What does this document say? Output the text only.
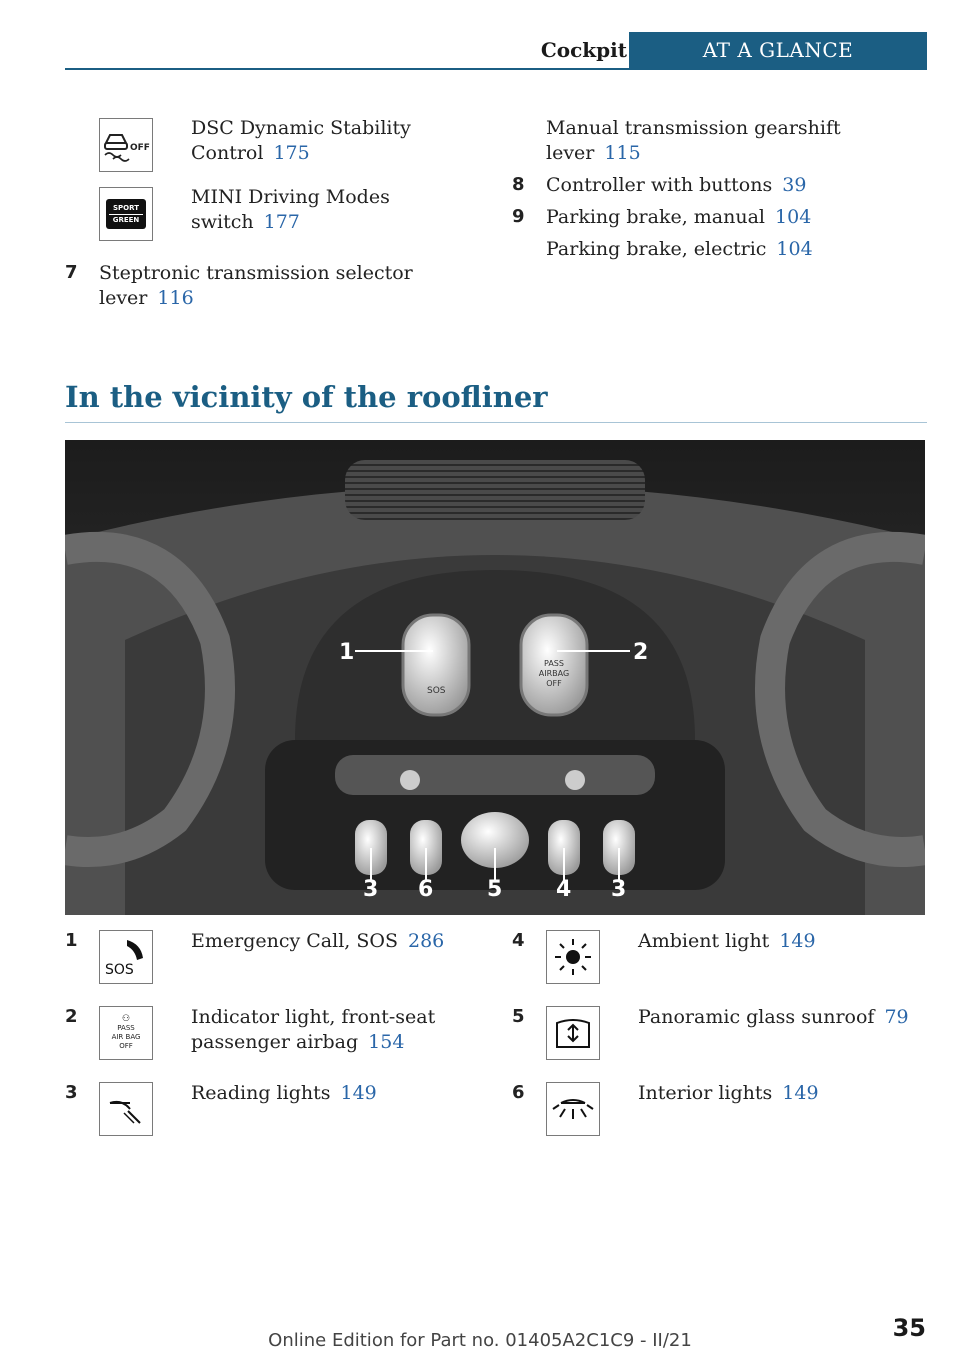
Cockpit	AT A GLANCE
OFF
DSC Dynamic Stability Control 175
SPORT
GREEN
MINI Driving Modes switch 177
7 Steptronic transmission selector lever 116
Manual transmission gearshift lever 115
8 Controller with buttons 39
9 Parking brake, manual 104
Parking brake, electric 104
In the vicinity of the roofliner
SOS
PASS
AIRBAG
OFF
1	2
3 6 5 4 3
1
SOS
Emergency Call, SOS 286
2	⚇
PASS
AIR BAG
OFF
Indicator light, front-seat passenger airbag 154
3	Reading lights 149
4	Ambient light 149
5	Panoramic glass sunroof 79
6	Interior lights 149
35
Online Edition for Part no. 01405A2C1C9 - II/21
